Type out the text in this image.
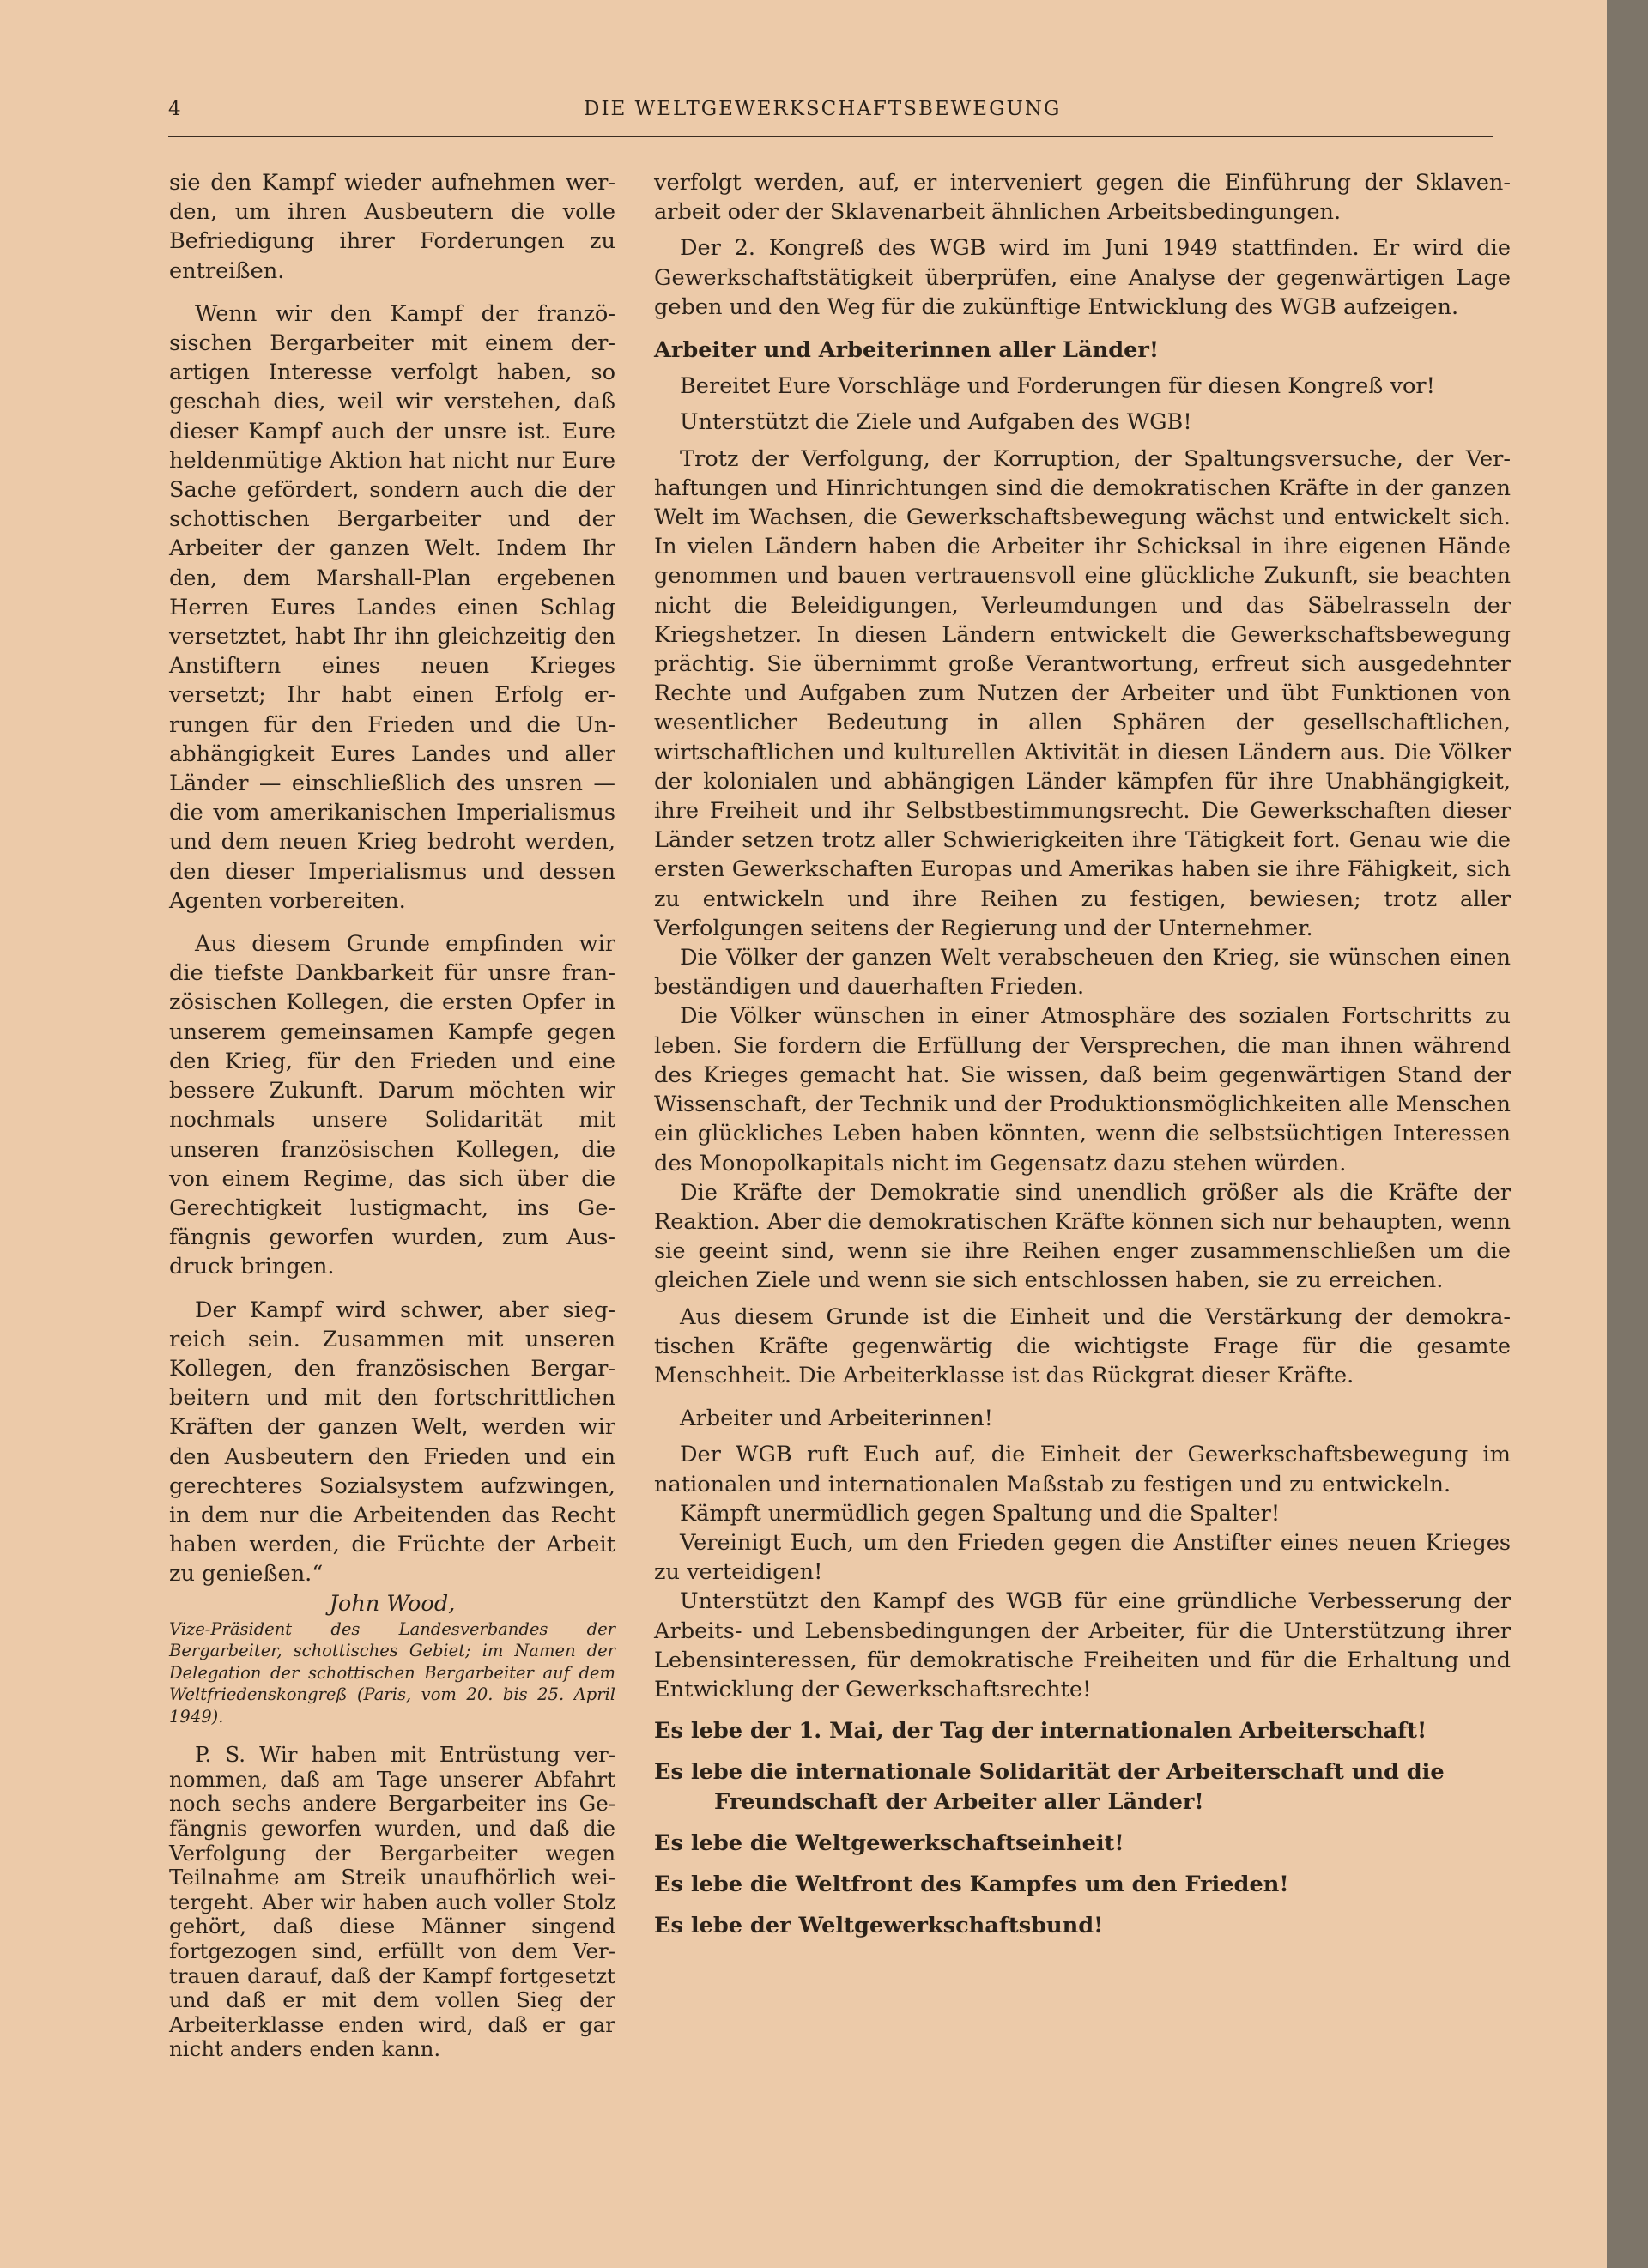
4	DIE WELTGEWERKSCHAFTSBEWEGUNG

sie den Kampf wieder aufnehmen werden, um ihren Ausbeutern die volle Befriedigung ihrer Forderungen zu entreißen.

Wenn wir den Kampf der französischen Bergarbeiter mit einem derartigen Interesse verfolgt haben, so geschah dies, weil wir verstehen, daß dieser Kampf auch der unsre ist. Eure heldenmütige Aktion hat nicht nur Eure Sache gefördert, sondern auch die der schottischen Bergarbeiter und der Arbeiter der ganzen Welt. Indem Ihr den, dem Marshall-Plan ergebenen Herren Eures Landes einen Schlag versetztet, habt Ihr ihn gleichzeitig den Anstiftern eines neuen Krieges versetzt; Ihr habt einen Erfolg errungen für den Frieden und die Unabhängigkeit Eures Landes und aller Länder — einschließlich des unsren — die vom amerikanischen Imperialismus und dem neuen Krieg bedroht werden, den dieser Imperialismus und dessen Agenten vorbereiten.

Aus diesem Grunde empfinden wir die tiefste Dankbarkeit für unsre französischen Kollegen, die ersten Opfer in unserem gemeinsamen Kampfe gegen den Krieg, für den Frieden und eine bessere Zukunft. Darum möchten wir nochmals unsere Solidarität mit unseren französischen Kollegen, die von einem Regime, das sich über die Gerechtigkeit lustigmacht, ins Gefängnis geworfen wurden, zum Ausdruck bringen.

Der Kampf wird schwer, aber siegreich sein. Zusammen mit unseren Kollegen, den französischen Bergarbeitern und mit den fortschrittlichen Kräften der ganzen Welt, werden wir den Ausbeutern den Frieden und ein gerechteres Sozialsystem aufzwingen, in dem nur die Arbeitenden das Recht haben werden, die Früchte der Arbeit zu genießen.“

John Wood,

Vize-Präsident des Landesverbandes der Bergarbeiter, schottisches Gebiet; im Namen der Delegation der schottischen Bergarbeiter auf dem Weltfriedenskongreß (Paris, vom 20. bis 25. April 1949).

P. S. Wir haben mit Entrüstung vernommen, daß am Tage unserer Abfahrt noch sechs andere Bergarbeiter ins Gefängnis geworfen wurden, und daß die Verfolgung der Bergarbeiter wegen Teilnahme am Streik unaufhörlich weitergeht. Aber wir haben auch voller Stolz gehört, daß diese Männer singend fortgezogen sind, erfüllt von dem Vertrauen darauf, daß der Kampf fortgesetzt und daß er mit dem vollen Sieg der Arbeiterklasse enden wird, daß er gar nicht anders enden kann.

verfolgt werden, auf, er interveniert gegen die Einführung der Sklavenarbeit oder der Sklavenarbeit ähnlichen Arbeitsbedingungen.

Der 2. Kongreß des WGB wird im Juni 1949 stattfinden. Er wird die Gewerkschaftstätigkeit überprüfen, eine Analyse der gegenwärtigen Lage geben und den Weg für die zukünftige Entwicklung des WGB aufzeigen.

Arbeiter und Arbeiterinnen aller Länder!

Bereitet Eure Vorschläge und Forderungen für diesen Kongreß vor!

Unterstützt die Ziele und Aufgaben des WGB!

Trotz der Verfolgung, der Korruption, der Spaltungsversuche, der Verhaftungen und Hinrichtungen sind die demokratischen Kräfte in der ganzen Welt im Wachsen, die Gewerkschaftsbewegung wächst und entwickelt sich. In vielen Ländern haben die Arbeiter ihr Schicksal in ihre eigenen Hände genommen und bauen vertrauensvoll eine glückliche Zukunft, sie beachten nicht die Beleidigungen, Verleumdungen und das Säbelrasseln der Kriegshetzer. In diesen Ländern entwickelt die Gewerkschaftsbewegung prächtig. Sie übernimmt große Verantwortung, erfreut sich ausgedehnter Rechte und Aufgaben zum Nutzen der Arbeiter und übt Funktionen von wesentlicher Bedeutung in allen Sphären der gesellschaftlichen, wirtschaftlichen und kulturellen Aktivität in diesen Ländern aus. Die Völker der kolonialen und abhängigen Länder kämpfen für ihre Unabhängigkeit, ihre Freiheit und ihr Selbstbestimmungsrecht. Die Gewerkschaften dieser Länder setzen trotz aller Schwierigkeiten ihre Tätigkeit fort. Genau wie die ersten Gewerkschaften Europas und Amerikas haben sie ihre Fähigkeit, sich zu entwickeln und ihre Reihen zu festigen, bewiesen; trotz aller Verfolgungen seitens der Regierung und der Unternehmer.

Die Völker der ganzen Welt verabscheuen den Krieg, sie wünschen einen beständigen und dauerhaften Frieden.

Die Völker wünschen in einer Atmosphäre des sozialen Fortschritts zu leben. Sie fordern die Erfüllung der Versprechen, die man ihnen während des Krieges gemacht hat. Sie wissen, daß beim gegenwärtigen Stand der Wissenschaft, der Technik und der Produktionsmöglichkeiten alle Menschen ein glückliches Leben haben könnten, wenn die selbstsüchtigen Interessen des Monopolkapitals nicht im Gegensatz dazu stehen würden.

Die Kräfte der Demokratie sind unendlich größer als die Kräfte der Reaktion. Aber die demokratischen Kräfte können sich nur behaupten, wenn sie geeint sind, wenn sie ihre Reihen enger zusammenschließen um die gleichen Ziele und wenn sie sich entschlossen haben, sie zu erreichen.

Aus diesem Grunde ist die Einheit und die Verstärkung der demokratischen Kräfte gegenwärtig die wichtigste Frage für die gesamte Menschheit. Die Arbeiterklasse ist das Rückgrat dieser Kräfte.

Arbeiter und Arbeiterinnen!

Der WGB ruft Euch auf, die Einheit der Gewerkschaftsbewegung im nationalen und internationalen Maßstab zu festigen und zu entwickeln.

Kämpft unermüdlich gegen Spaltung und die Spalter!

Vereinigt Euch, um den Frieden gegen die Anstifter eines neuen Krieges zu verteidigen!

Unterstützt den Kampf des WGB für eine gründliche Verbesserung der Arbeits- und Lebensbedingungen der Arbeiter, für die Unterstützung ihrer Lebensinteressen, für demokratische Freiheiten und für die Erhaltung und Entwicklung der Gewerkschaftsrechte!

Es lebe der 1. Mai, der Tag der internationalen Arbeiterschaft!

Es lebe die internationale Solidarität der Arbeiterschaft und die
Freundschaft der Arbeiter aller Länder!

Es lebe die Weltgewerkschaftseinheit!

Es lebe die Weltfront des Kampfes um den Frieden!

Es lebe der Weltgewerkschaftsbund!
